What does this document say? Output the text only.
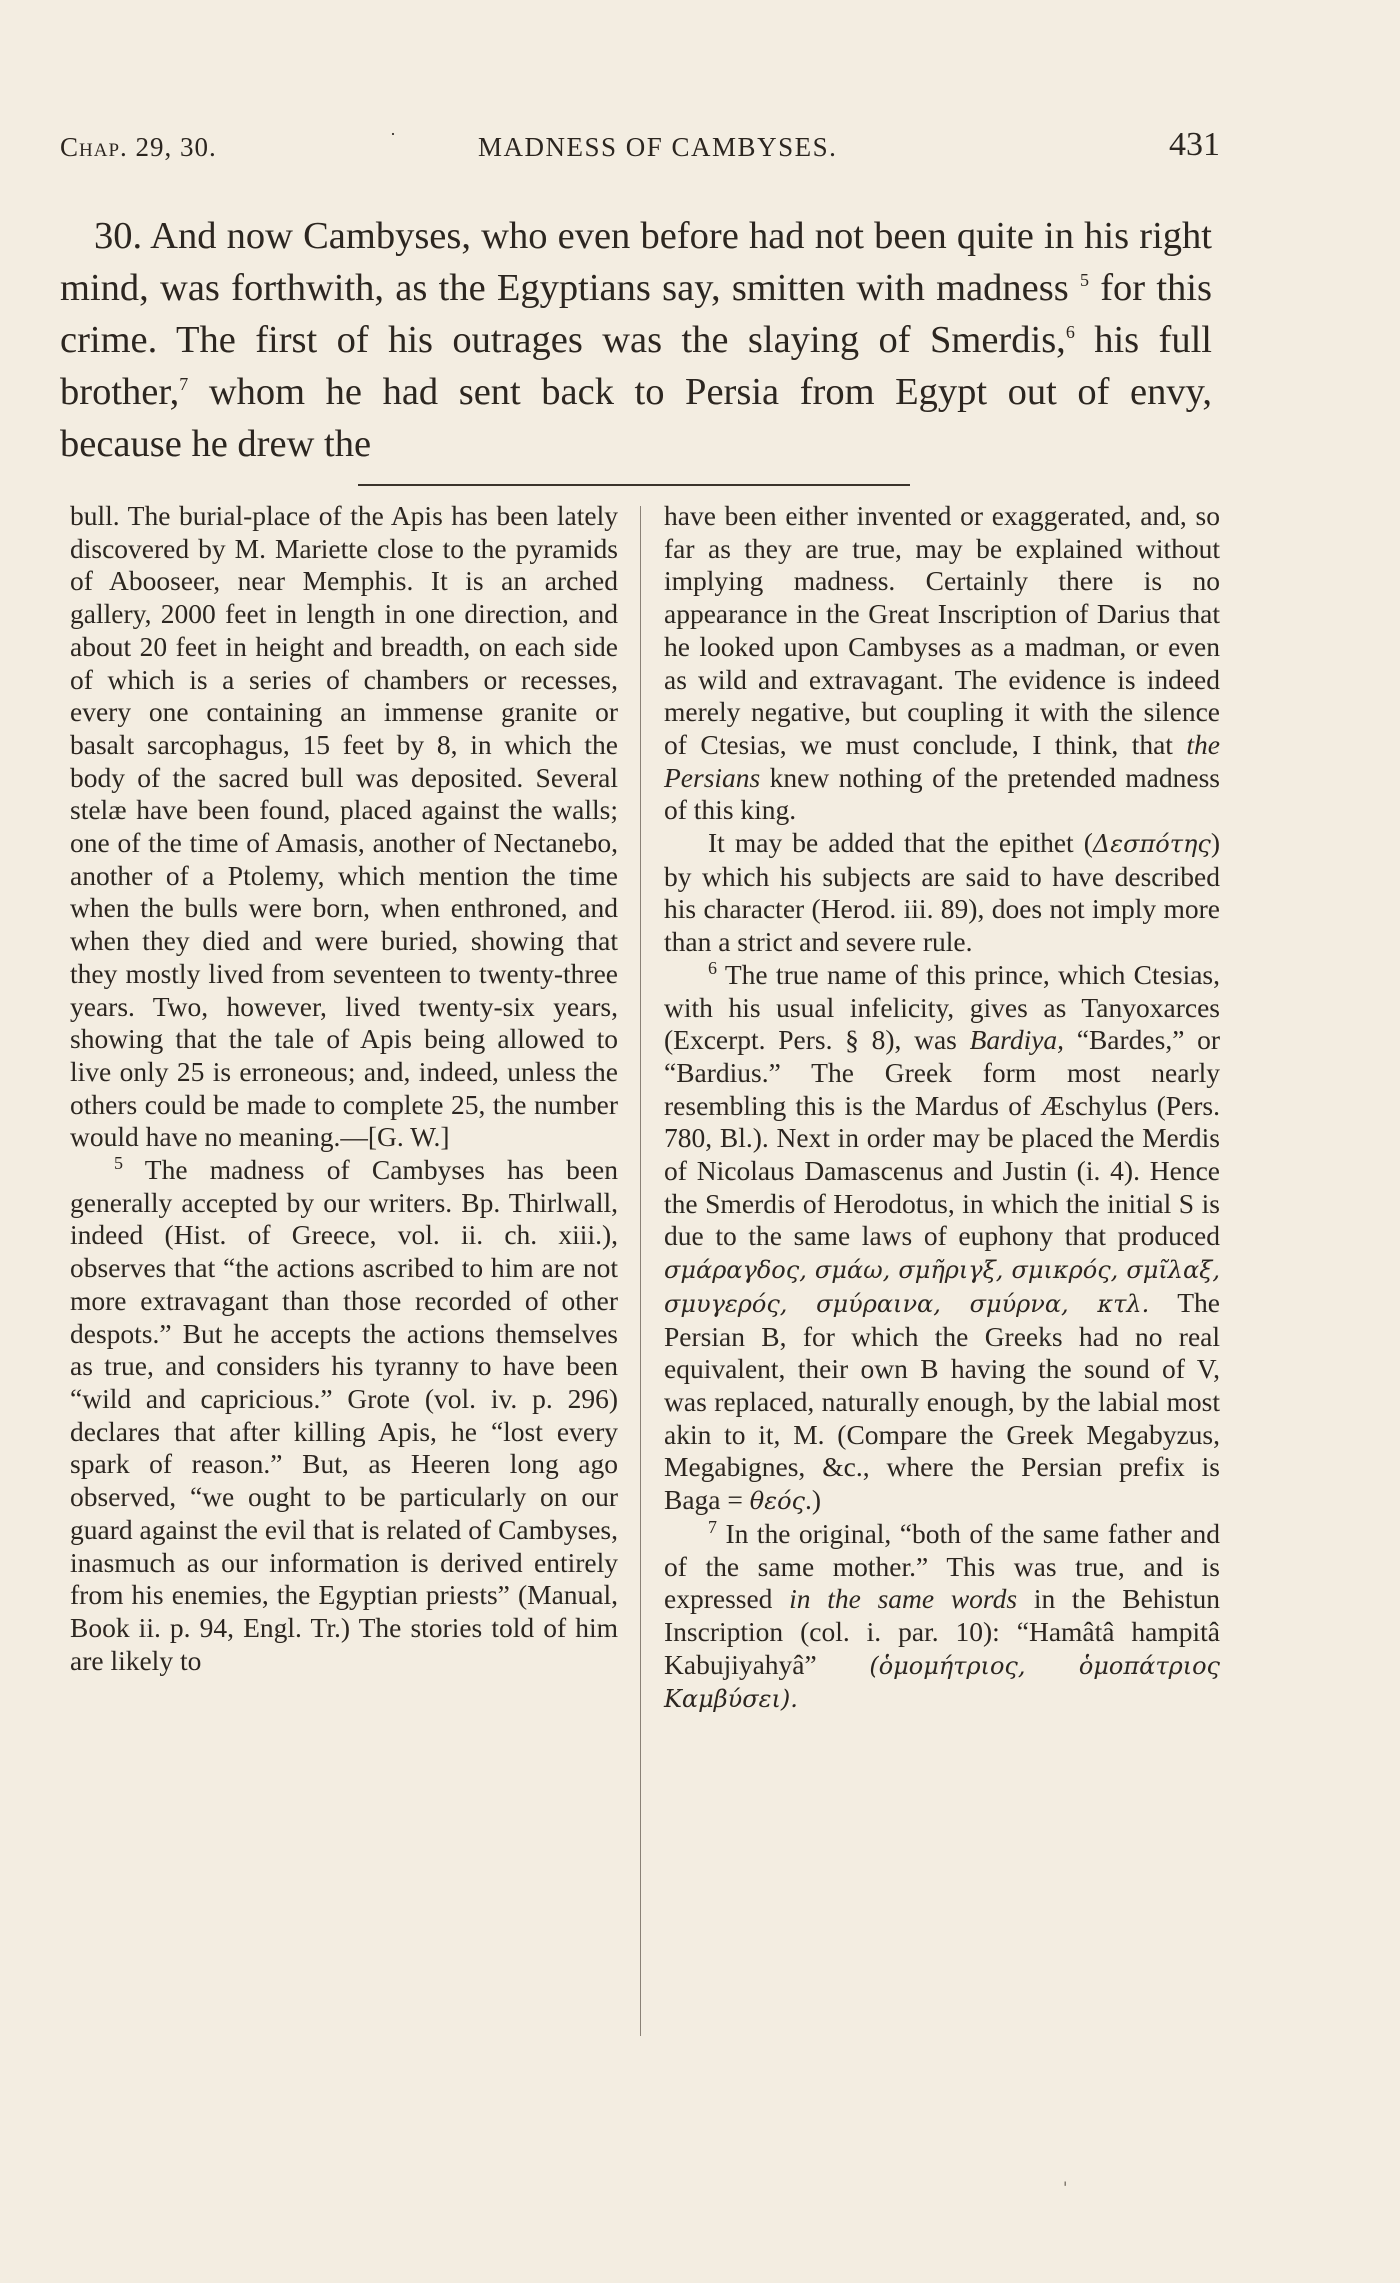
Chap. 29, 30.	·	MADNESS OF CAMBYSES.	431

30. And now Cambyses, who even before had not been quite in his right mind, was forthwith, as the Egyptians say, smitten with madness $^5$ for this crime. The first of his outrages was the slaying of Smerdis,$^6$ his full brother,$^7$ whom he had sent back to Persia from Egypt out of envy, because he drew the

bull. The burial-place of the Apis has been lately discovered by M. Mariette close to the pyramids of Abooseer, near Memphis. It is an arched gallery, 2000 feet in length in one direction, and about 20 feet in height and breadth, on each side of which is a series of chambers or recesses, every one containing an immense granite or basalt sarcophagus, 15 feet by 8, in which the body of the sacred bull was deposited. Several stelæ have been found, placed against the walls; one of the time of Amasis, another of Nectanebo, another of a Ptolemy, which mention the time when the bulls were born, when enthroned, and when they died and were buried, showing that they mostly lived from seventeen to twenty-three years. Two, however, lived twenty-six years, showing that the tale of Apis being allowed to live only 25 is erroneous; and, indeed, unless the others could be made to complete 25, the number would have no meaning.—[G. W.]

$^5$ The madness of Cambyses has been generally accepted by our writers. Bp. Thirlwall, indeed (Hist. of Greece, vol. ii. ch. xiii.), observes that “the actions ascribed to him are not more extravagant than those recorded of other despots.” But he accepts the actions themselves as true, and considers his tyranny to have been “wild and capricious.” Grote (vol. iv. p. 296) declares that after killing Apis, he “lost every spark of reason.” But, as Heeren long ago observed, “we ought to be particularly on our guard against the evil that is related of Cambyses, inasmuch as our information is derived entirely from his enemies, the Egyptian priests” (Manual, Book ii. p. 94, Engl. Tr.) The stories told of him are likely to

have been either invented or exaggerated, and, so far as they are true, may be explained without implying madness. Certainly there is no appearance in the Great Inscription of Darius that he looked upon Cambyses as a madman, or even as wild and extravagant. The evidence is indeed merely negative, but coupling it with the silence of Ctesias, we must conclude, I think, that the Persians knew nothing of the pretended madness of this king.

It may be added that the epithet (Δεσπότης) by which his subjects are said to have described his character (Herod. iii. 89), does not imply more than a strict and severe rule.

$^6$ The true name of this prince, which Ctesias, with his usual infelicity, gives as Tanyoxarces (Excerpt. Pers. § 8), was Bardiya, “Bardes,” or “Bardius.” The Greek form most nearly resembling this is the Mardus of Æschylus (Pers. 780, Bl.). Next in order may be placed the Merdis of Nicolaus Damascenus and Justin (i. 4). Hence the Smerdis of Herodotus, in which the initial S is due to the same laws of euphony that produced σμάραγδος, σμάω, σμῆριγξ, σμικρός, σμῖλαξ, σμυγερός, σμύραινα, σμύρνα, κτλ. The Persian B, for which the Greeks had no real equivalent, their own B having the sound of V, was replaced, naturally enough, by the labial most akin to it, M. (Compare the Greek Megabyzus, Megabignes, &c., where the Persian prefix is Baga = θεός.)

$^7$ In the original, “both of the same father and of the same mother.” This was true, and is expressed in the same words in the Behistun Inscription (col. i. par. 10): “Hamâtâ hampitâ Kabujiyahyâ” (ὁμομήτριος, ὁμοπάτριος Καμβύσει).

'
